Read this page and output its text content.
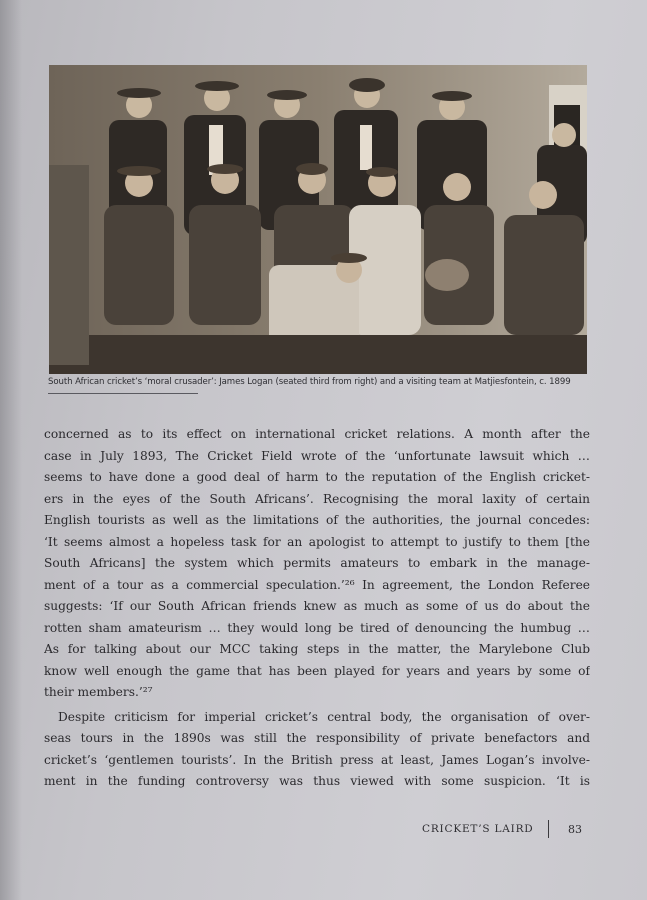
South African cricket’s ‘moral crusader’: James Logan (seated third from right) and a visiting team at Matjiesfontein, c. 1899

concerned as to its effect on international cricket relations. A month after the
case in July 1893, The Cricket Field wrote of the ‘unfortunate lawsuit which …
seems to have done a good deal of harm to the reputation of the English cricket-
ers in the eyes of the South Africans’. Recognising the moral laxity of certain
English tourists as well as the limitations of the authorities, the journal concedes:
‘It seems almost a hopeless task for an apologist to attempt to justify to them [the
South Africans] the system which permits amateurs to embark in the manage-
ment of a tour as a commercial speculation.’²⁶ In agreement, the London Referee
suggests: ‘If our South African friends knew as much as some of us do about the
rotten sham amateurism … they would long be tired of denouncing the humbug …
As for talking about our MCC taking steps in the matter, the Marylebone Club
know well enough the game that has been played for years and years by some of
their members.’²⁷

Despite criticism for imperial cricket’s central body, the organisation of over-
seas tours in the 1890s was still the responsibility of private benefactors and
cricket’s ‘gentlemen tourists’. In the British press at least, James Logan’s involve-
ment in the funding controversy was thus viewed with some suspicion. ‘It is

CRICKET’S LAIRD	83
